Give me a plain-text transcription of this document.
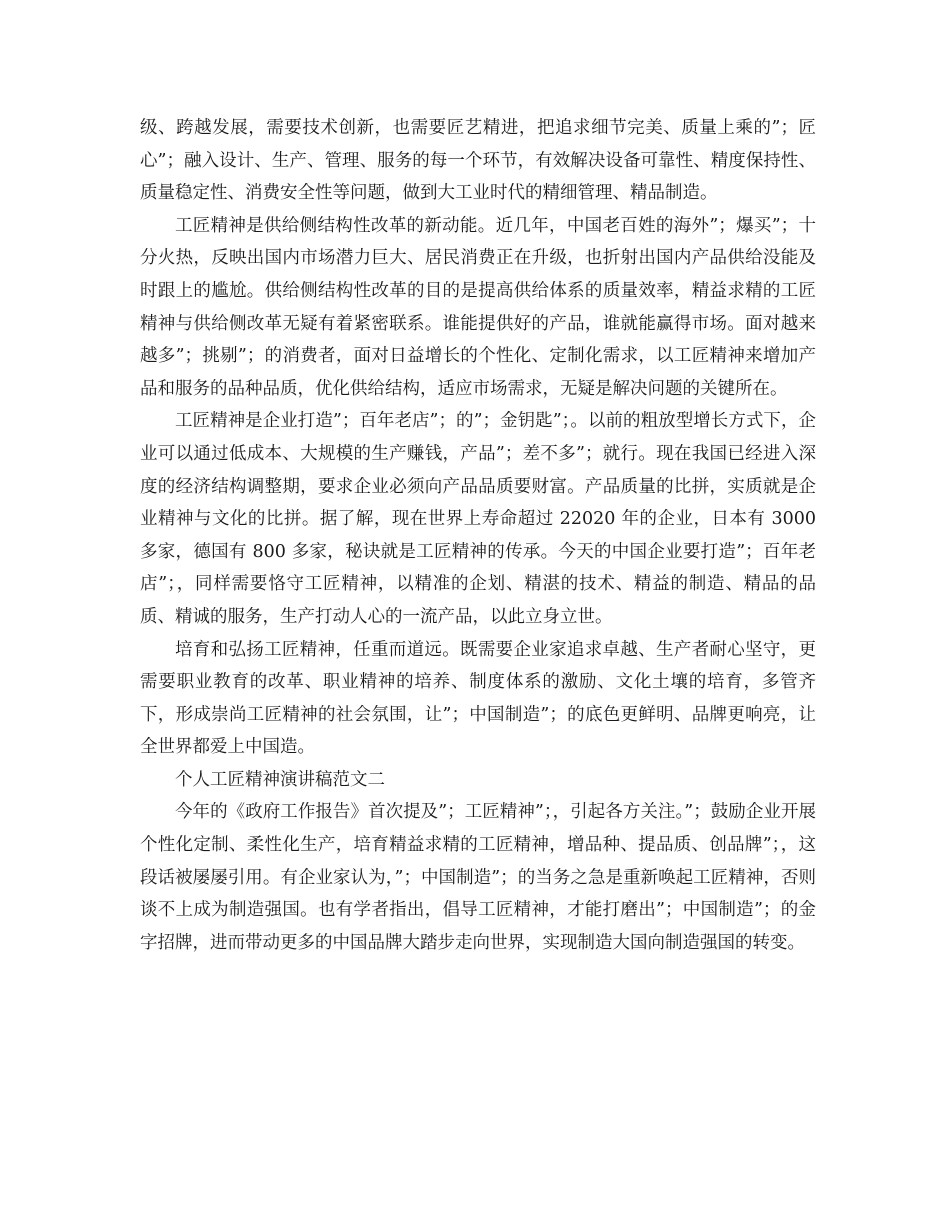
级、跨越发展，需要技术创新，也需要匠艺精进，把追求细节完美、质量上乘的”；匠心”；融入设计、生产、管理、服务的每一个环节，有效解决设备可靠性、精度保持性、质量稳定性、消费安全性等问题，做到大工业时代的精细管理、精品制造。

工匠精神是供给侧结构性改革的新动能。近几年，中国老百姓的海外”；爆买”；十分火热，反映出国内市场潜力巨大、居民消费正在升级，也折射出国内产品供给没能及时跟上的尴尬。供给侧结构性改革的目的是提高供给体系的质量效率，精益求精的工匠精神与供给侧改革无疑有着紧密联系。谁能提供好的产品，谁就能赢得市场。面对越来越多”；挑剔”；的消费者，面对日益增长的个性化、定制化需求，以工匠精神来增加产品和服务的品种品质，优化供给结构，适应市场需求，无疑是解决问题的关键所在。

工匠精神是企业打造”；百年老店”；的”；金钥匙”；。以前的粗放型增长方式下，企业可以通过低成本、大规模的生产赚钱，产品”；差不多”；就行。现在我国已经进入深度的经济结构调整期，要求企业必须向产品品质要财富。产品质量的比拼，实质就是企业精神与文化的比拼。据了解，现在世界上寿命超过 22020 年的企业，日本有 3000 多家，德国有 800 多家，秘诀就是工匠精神的传承。今天的中国企业要打造”；百年老店”；，同样需要恪守工匠精神，以精准的企划、精湛的技术、精益的制造、精品的品质、精诚的服务，生产打动人心的一流产品，以此立身立世。

培育和弘扬工匠精神，任重而道远。既需要企业家追求卓越、生产者耐心坚守，更需要职业教育的改革、职业精神的培养、制度体系的激励、文化土壤的培育，多管齐下，形成崇尚工匠精神的社会氛围，让”；中国制造”；的底色更鲜明、品牌更响亮，让全世界都爱上中国造。

个人工匠精神演讲稿范文二

今年的《政府工作报告》首次提及”；工匠精神”；，引起各方关注。”；鼓励企业开展个性化定制、柔性化生产，培育精益求精的工匠精神，增品种、提品质、创品牌”；，这段话被屡屡引用。有企业家认为，”；中国制造”；的当务之急是重新唤起工匠精神，否则谈不上成为制造强国。也有学者指出，倡导工匠精神，才能打磨出”；中国制造”；的金字招牌，进而带动更多的中国品牌大踏步走向世界，实现制造大国向制造强国的转变。
